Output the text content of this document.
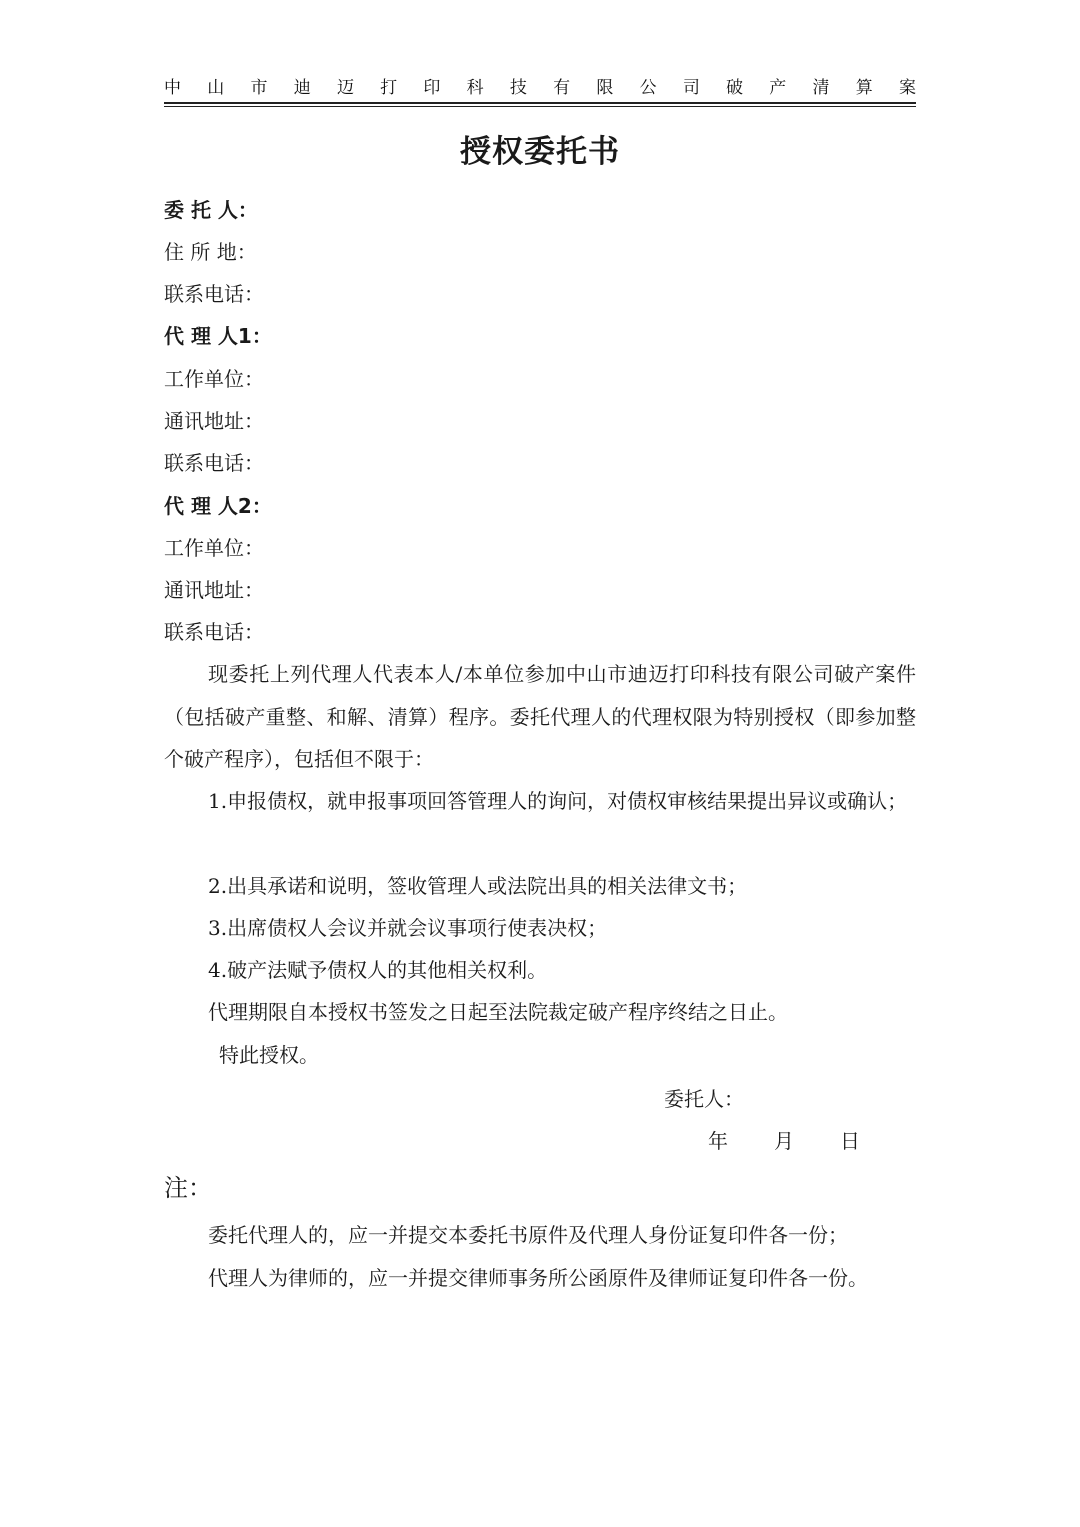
中山市迪迈打印科技有限公司破产清算案
授权委托书
委 托 人：
住 所 地：
联系电话：
代 理 人1：
工作单位：
通讯地址：
联系电话：
代 理 人2：
工作单位：
通讯地址：
联系电话：
现委托上列代理人代表本人/本单位参加中山市迪迈打印科技有限公司破产案件（包括破产重整、和解、清算）程序。委托代理人的代理权限为特别授权（即参加整个破产程序），包括但不限于：
1.申报债权，就申报事项回答管理人的询问，对债权审核结果提出异议或确认；
2.出具承诺和说明，签收管理人或法院出具的相关法律文书；
3.出席债权人会议并就会议事项行使表决权；
4.破产法赋予债权人的其他相关权利。
代理期限自本授权书签发之日起至法院裁定破产程序终结之日止。
特此授权。
委托人：
年 月 日
注：
委托代理人的，应一并提交本委托书原件及代理人身份证复印件各一份；
代理人为律师的，应一并提交律师事务所公函原件及律师证复印件各一份。
